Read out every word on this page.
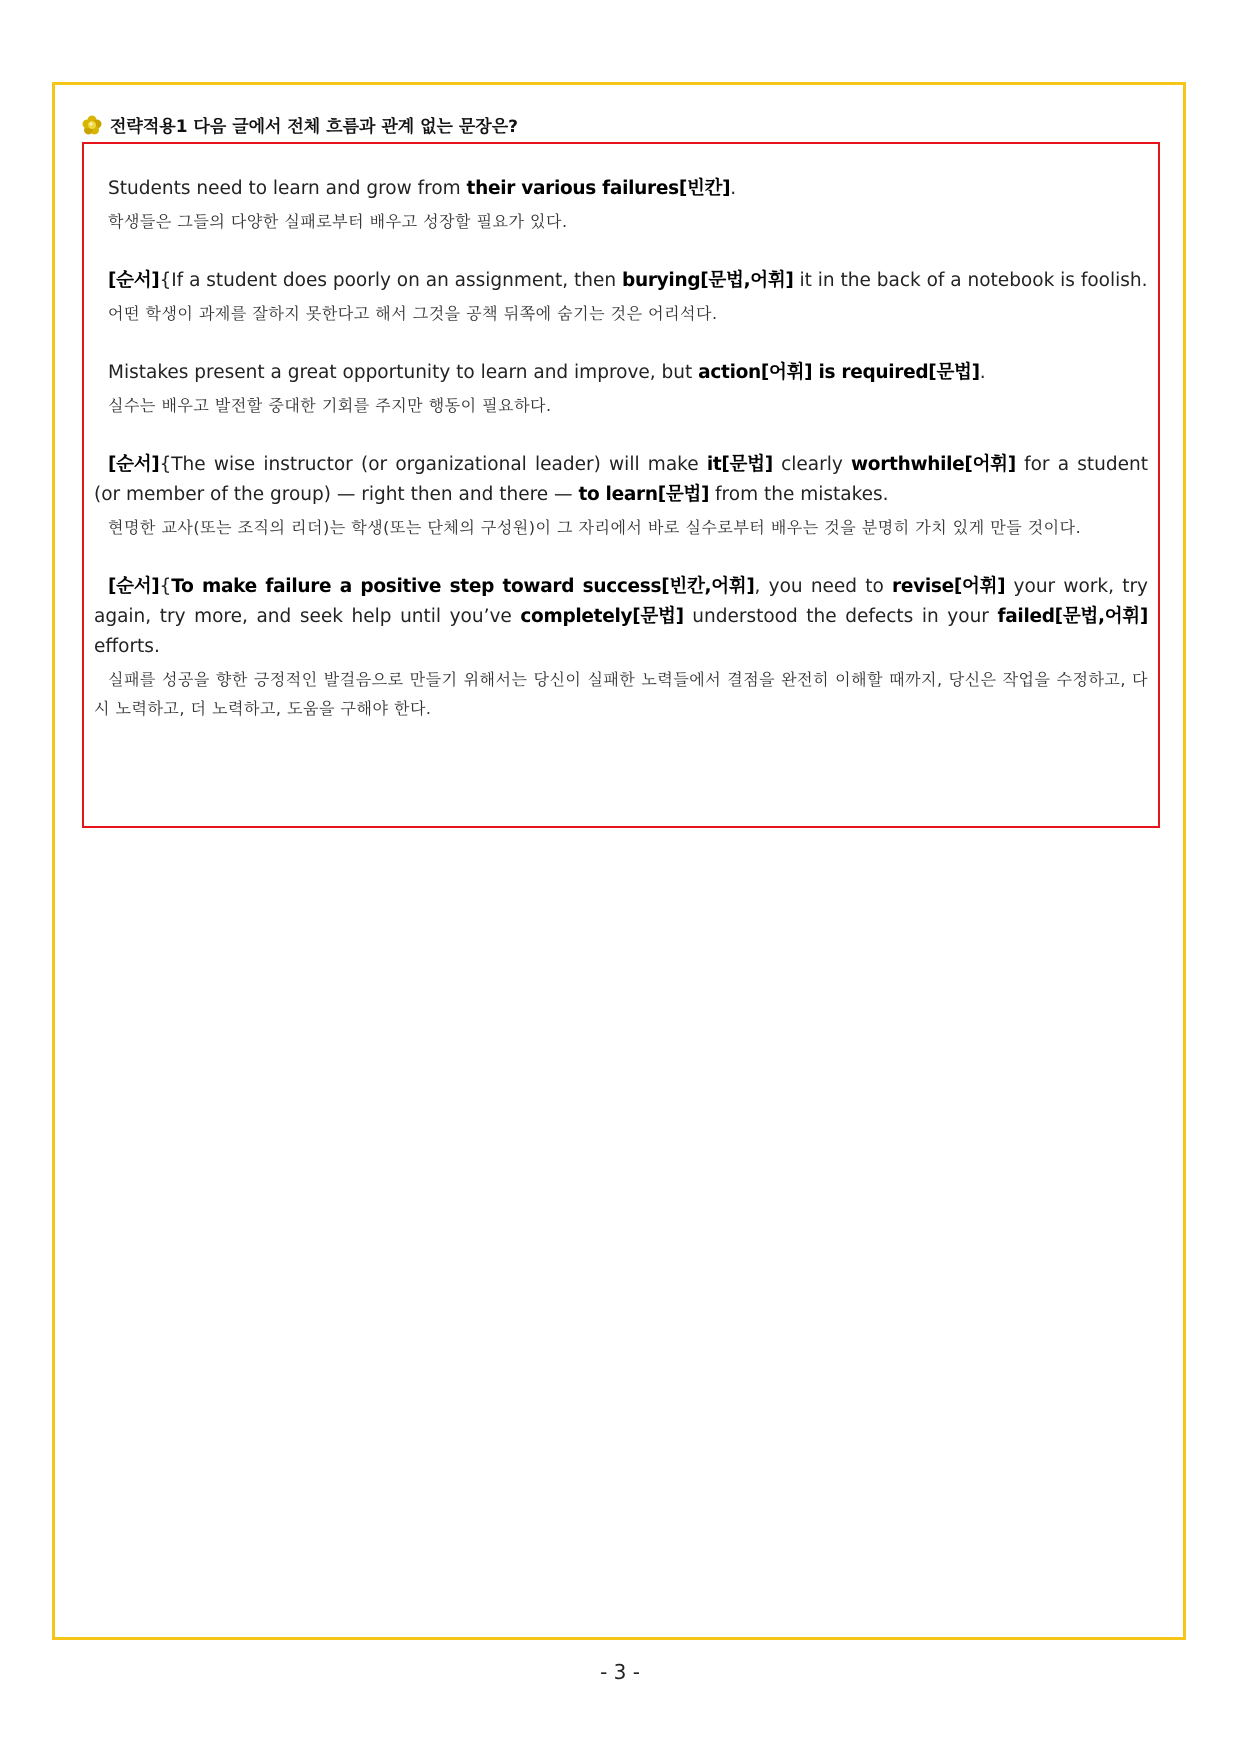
전략적용1 다음 글에서 전체 흐름과 관계 없는 문장은?
Students need to learn and grow from their various failures[빈칸].
학생들은 그들의 다양한 실패로부터 배우고 성장할 필요가 있다.
[순서]{If a student does poorly on an assignment, then burying[문법,어휘] it in the back of a notebook is foolish.
어떤 학생이 과제를 잘하지 못한다고 해서 그것을 공책 뒤쪽에 숨기는 것은 어리석다.
Mistakes present a great opportunity to learn and improve, but action[어휘] is required[문법].
실수는 배우고 발전할 중대한 기회를 주지만 행동이 필요하다.
[순서]{The wise instructor (or organizational leader) will make it[문법] clearly worthwhile[어휘] for a student (or member of the group) — right then and there — to learn[문법] from the mistakes.
현명한 교사(또는 조직의 리더)는 학생(또는 단체의 구성원)이 그 자리에서 바로 실수로부터 배우는 것을 분명히 가치 있게 만들 것이다.
[순서]{To make failure a positive step toward success[빈칸,어휘], you need to revise[어휘] your work, try again, try more, and seek help until you’ve completely[문법] understood the defects in your failed[문법,어휘] efforts.
실패를 성공을 향한 긍정적인 발걸음으로 만들기 위해서는 당신이 실패한 노력들에서 결점을 완전히 이해할 때까지, 당신은 작업을 수정하고, 다시 노력하고, 더 노력하고, 도움을 구해야 한다.
- 3 -
